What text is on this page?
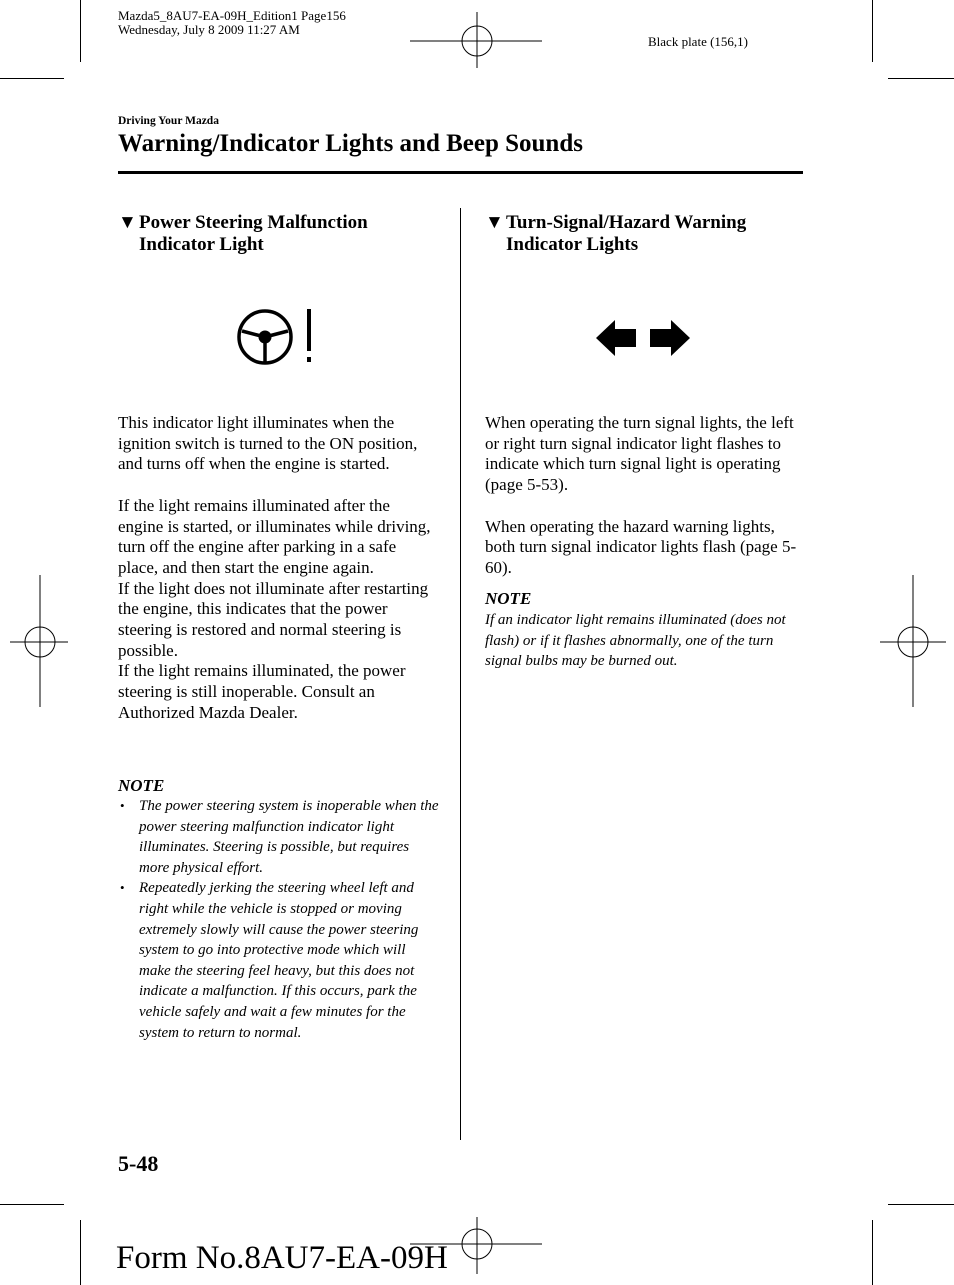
Mazda5_8AU7-EA-09H_Edition1 Page156
Wednesday, July 8 2009 11:27 AM
Black plate (156,1)
Driving Your Mazda
Warning/Indicator Lights and Beep Sounds
▼ Power Steering Malfunction
Indicator Light

This indicator light illuminates when the ignition switch is turned to the ON position, and turns off when the engine is started.

If the light remains illuminated after the engine is started, or illuminates while driving, turn off the engine after parking in a safe place, and then start the engine again.

If the light does not illuminate after restarting the engine, this indicates that the power steering is restored and normal steering is possible.

If the light remains illuminated, the power steering is still inoperable. Consult an Authorized Mazda Dealer.

NOTE
• The power steering system is inoperable when the power steering malfunction indicator light illuminates. Steering is possible, but requires more physical effort.
• Repeatedly jerking the steering wheel left and right while the vehicle is stopped or moving extremely slowly will cause the power steering system to go into protective mode which will make the steering feel heavy, but this does not indicate a malfunction. If this occurs, park the vehicle safely and wait a few minutes for the system to return to normal.
▼ Turn-Signal/Hazard Warning
Indicator Lights

When operating the turn signal lights, the left or right turn signal indicator light flashes to indicate which turn signal light is operating (page 5-53).

When operating the hazard warning lights, both turn signal indicator lights flash (page 5-60).

NOTE
If an indicator light remains illuminated (does not flash) or if it flashes abnormally, one of the turn signal bulbs may be burned out.
5-48
Form No.8AU7-EA-09H
